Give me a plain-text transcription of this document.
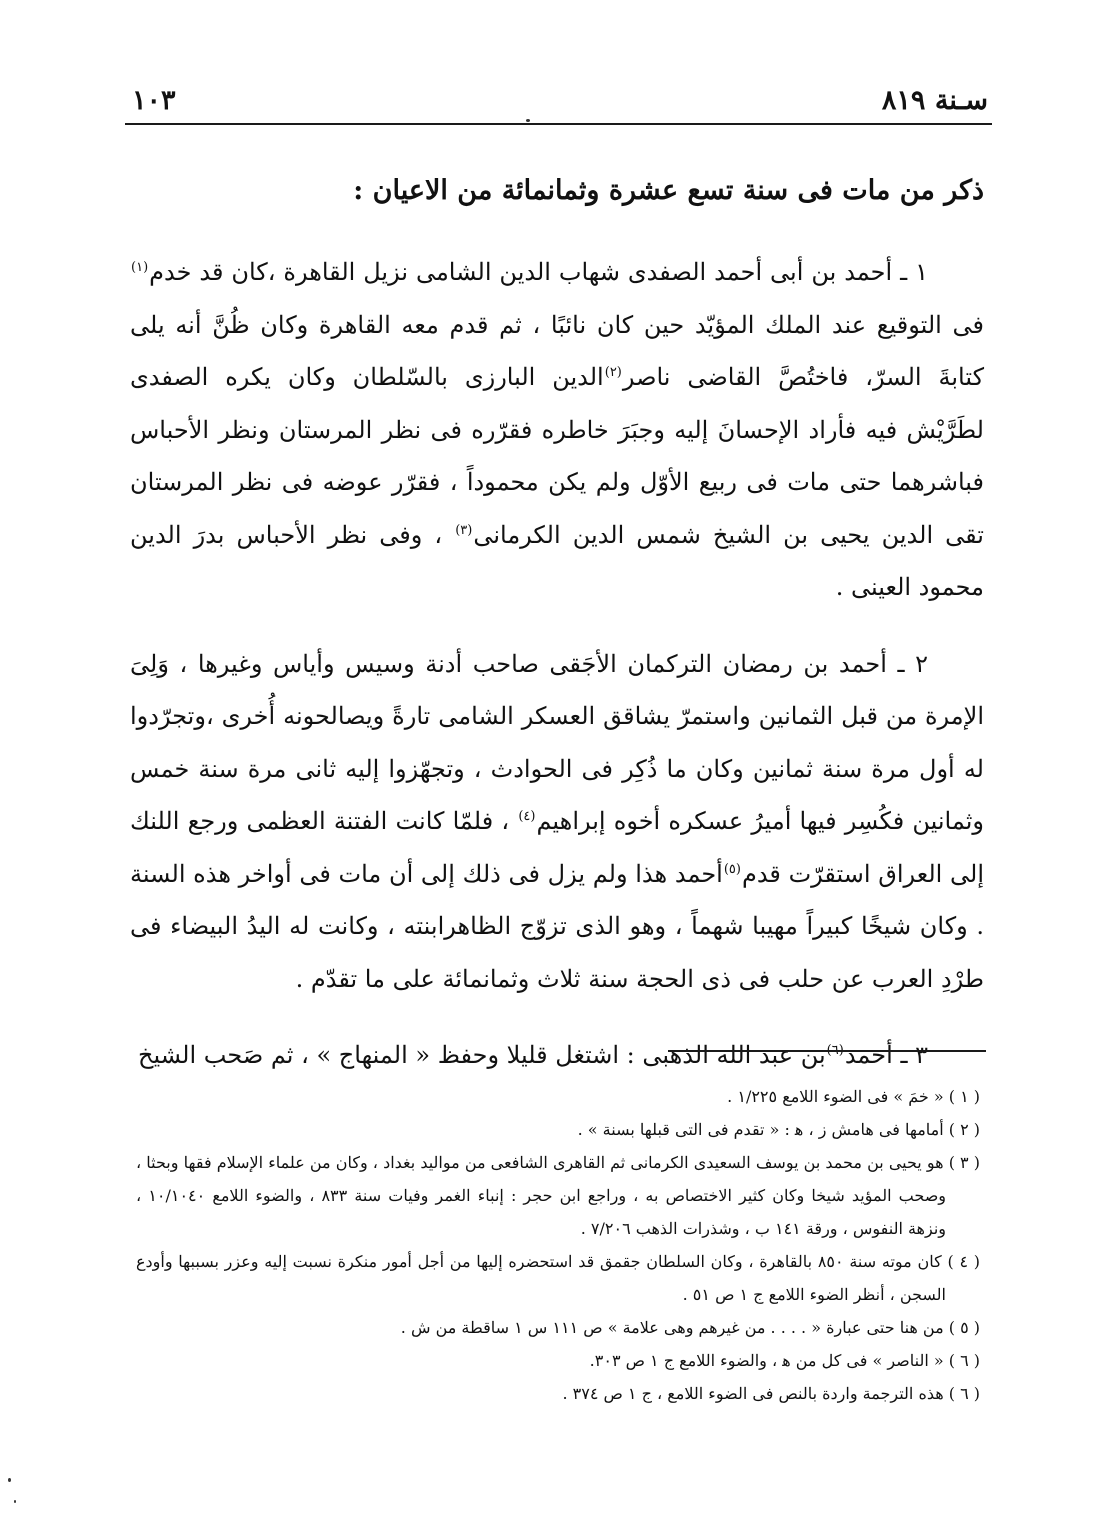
سـنة ٨١٩
١٠٣
ذكر من مات فى سنة تسع عشرة وثمانمائة من الاعيان :

١ ـ أحمد بن أبى أحمد الصفدى شهاب الدين الشامى نزيل القاهرة ،كان قد خدم$^{(١)}$ فى التوقيع عند الملك المؤيّد حين كان نائبًا ، ثم قدم معه القاهرة وكان ظُنَّ أنه يلى كتابةَ السرّ، فاختُصَّ القاضى ناصر$^{(٢)}$الدين البارزى بالسّلطان وكان يكره الصفدى لطَرَّيْش فيه فأراد الإحسانَ إليه وجبَرَ خاطره فقرّره فى نظر المرستان ونظر الأحباس فباشرهما حتى مات فى ربيع الأوّل ولم يكن محموداً ، فقرّر عوضه فى نظر المرستان تقى الدين يحيى بن الشيخ شمس الدين الكرمانى$^{(٣)}$ ، وفى نظر الأحباس بدرَ الدين محمود العينى .

٢ ـ أحمد بن رمضان التركمان الأجَقى صاحب أدنة وسيس وأياس وغيرها ، وَلِىَ الإمرة من قبل الثمانين واستمرّ يشاقق العسكر الشامى تارةً ويصالحونه أُخرى ،وتجرّدوا له أول مرة سنة ثمانين وكان ما ذُكِر فى الحوادث ، وتجهّزوا إليه ثانى مرة سنة خمس وثمانين فكُسِر فيها أميرُ عسكره أخوه إبراهيم$^{(٤)}$ ، فلمّا كانت الفتنة العظمى ورجع اللنك إلى العراق استقرّت قدم$^{(٥)}$أحمد هذا ولم يزل فى ذلك إلى أن مات فى أواخر هذه السنة . وكان شيخًا كبيراً مهيبا شهماً ، وهو الذى تزوّج الظاهرابنته ، وكانت له اليدُ البيضاء فى طرْدِ العرب عن حلب فى ذى الحجة سنة ثلاث وثمانمائة على ما تقدّم .

٣ ـ أحمد$^{(٦)}$بن عبد الله الذهبى : اشتغل قليلا وحفظ « المنهاج » ، ثم صَحب الشيخ

( ١ ) « خمَ » فى الضوء اللامع ١/٢٢٥ .

( ٢ ) أمامها فى هامش ز ، ﻫ : « تقدم فى التى قبلها بسنة » .

( ٣ ) هو يحيى بن محمد بن يوسف السعيدى الكرمانى ثم القاهرى الشافعى من مواليد بغداد ، وكان من علماء الإسلام فقها وبحثا ، وصحب المؤيد شيخا وكان كثير الاختصاص به ، وراجع ابن حجر : إنباء الغمر وفيات سنة ٨٣٣ ، والضوء اللامع ١٠/١٠٤٠ ، ونزهة النفوس ، ورقة ١٤١ ب ، وشذرات الذهب ٧/٢٠٦ .

( ٤ ) كان موته سنة ٨٥٠ بالقاهرة ، وكان السلطان جقمق قد استحضره إليها من أجل أمور منكرة نسبت إليه وعزر بسببها وأودع السجن ، أنظر الضوء اللامع ج ١ ص ٥١ .

( ٥ ) من هنا حتى عبارة « . . . . من غيرهم وهى علامة » ص ١١١ س ١ ساقطة من ش .

( ٦ ) « الناصر » فى كل من ﻫ ، والضوء اللامع ج ١ ص ٣٠٣.

( ٦ ) هذه الترجمة واردة بالنص فى الضوء اللامع ، ج ١ ص ٣٧٤ .
